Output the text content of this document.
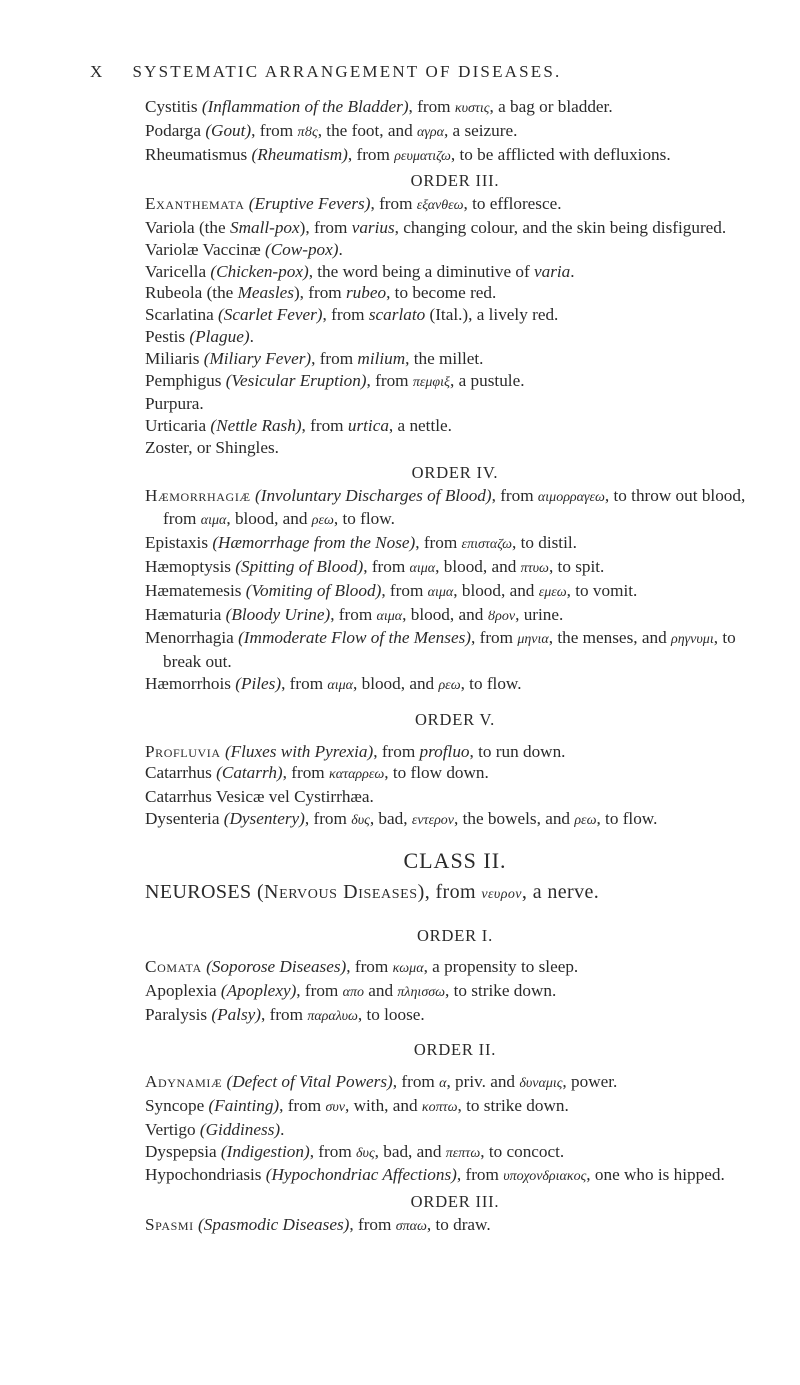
X SYSTEMATIC ARRANGEMENT OF DISEASES.

Cystitis (Inflammation of the Bladder), from κυστις, a bag or bladder.

Podarga (Gout), from πȣς, the foot, and αγρα, a seizure.

Rheumatismus (Rheumatism), from ρευματιζω, to be afflicted with defluxions.

ORDER III.

Exanthemata (Eruptive Fevers), from εξανθεω, to effloresce.

Variola (the Small-pox), from varius, changing colour, and the skin being disfigured.

Variolæ Vaccinæ (Cow-pox).

Varicella (Chicken-pox), the word being a diminutive of varia.

Rubeola (the Measles), from rubeo, to become red.

Scarlatina (Scarlet Fever), from scarlato (Ital.), a lively red.

Pestis (Plague).

Miliaris (Miliary Fever), from milium, the millet.

Pemphigus (Vesicular Eruption), from πεμφιξ, a pustule.

Purpura.

Urticaria (Nettle Rash), from urtica, a nettle.

Zoster, or Shingles.

ORDER IV.

Hæmorrhagiæ (Involuntary Discharges of Blood), from αιμορραγεω, to throw out blood, from αιμα, blood, and ρεω, to flow.

Epistaxis (Hæmorrhage from the Nose), from επισταζω, to distil.

Hæmoptysis (Spitting of Blood), from αιμα, blood, and πτυω, to spit.

Hæmatemesis (Vomiting of Blood), from αιμα, blood, and εμεω, to vomit.

Hæmaturia (Bloody Urine), from αιμα, blood, and ȣρον, urine.

Menorrhagia (Immoderate Flow of the Menses), from μηνια, the menses, and ρηγνυμι, to break out.

Hæmorrhois (Piles), from αιμα, blood, and ρεω, to flow.

ORDER V.

Profluvia (Fluxes with Pyrexia), from profluo, to run down.

Catarrhus (Catarrh), from καταρρεω, to flow down.

Catarrhus Vesicæ vel Cystirrhæa.

Dysenteria (Dysentery), from δυς, bad, εντερον, the bowels, and ρεω, to flow.

CLASS II.

NEUROSES (Nervous Diseases), from νευρον, a nerve.

ORDER I.

Comata (Soporose Diseases), from κωμα, a propensity to sleep.

Apoplexia (Apoplexy), from απο and πληισσω, to strike down.

Paralysis (Palsy), from παραλυω, to loose.

ORDER II.

Adynamiæ (Defect of Vital Powers), from α, priv. and δυναμις, power.

Syncope (Fainting), from συν, with, and κοπτω, to strike down.

Vertigo (Giddiness).

Dyspepsia (Indigestion), from δυς, bad, and πεπτω, to concoct.

Hypochondriasis (Hypochondriac Affections), from υποχονδριακος, one who is hipped.

ORDER III.

Spasmi (Spasmodic Diseases), from σπαω, to draw.
